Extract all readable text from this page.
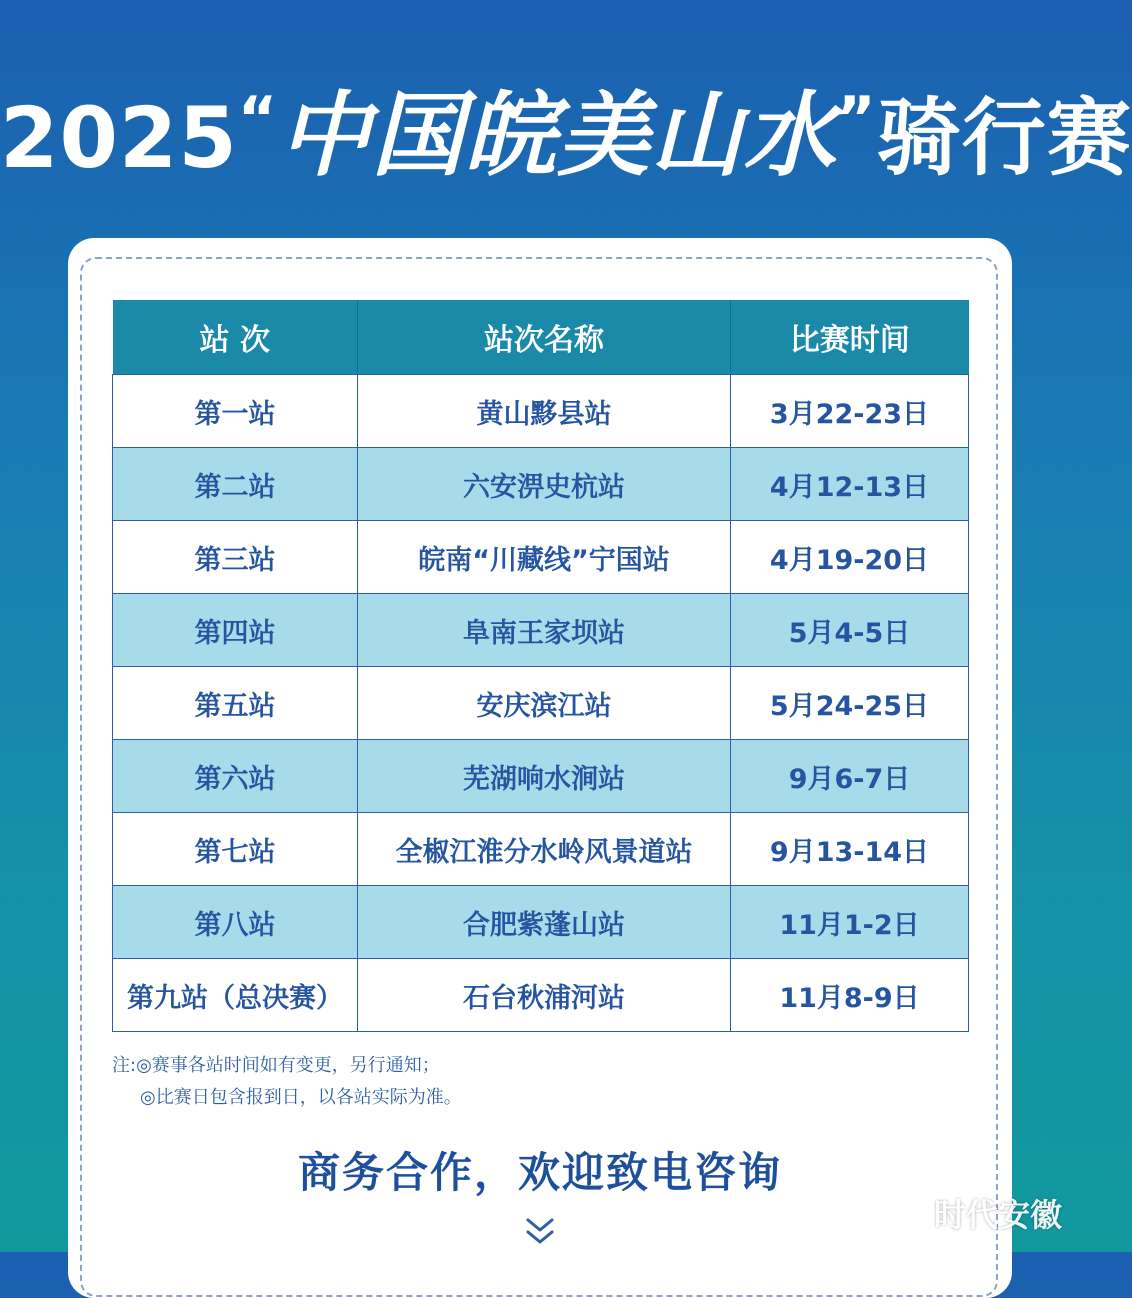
2025“中国皖美山水”骑行赛
站 次	站次名称	比赛时间
第一站	黄山黟县站	3月22-23日
第二站	六安淠史杭站	4月12-13日
第三站	皖南“川藏线”宁国站	4月19-20日
第四站	阜南王家坝站	5月4-5日
第五站	安庆滨江站	5月24-25日
第六站	芜湖响水涧站	9月6-7日
第七站	全椒江淮分水岭风景道站	9月13-14日
第八站	合肥紫蓬山站	11月1-2日
第九站（总决赛）	石台秋浦河站	11月8-9日
注:◎赛事各站时间如有变更，另行通知；
◎比赛日包含报到日，以各站实际为准。
商务合作，欢迎致电咨询
时代安徽
